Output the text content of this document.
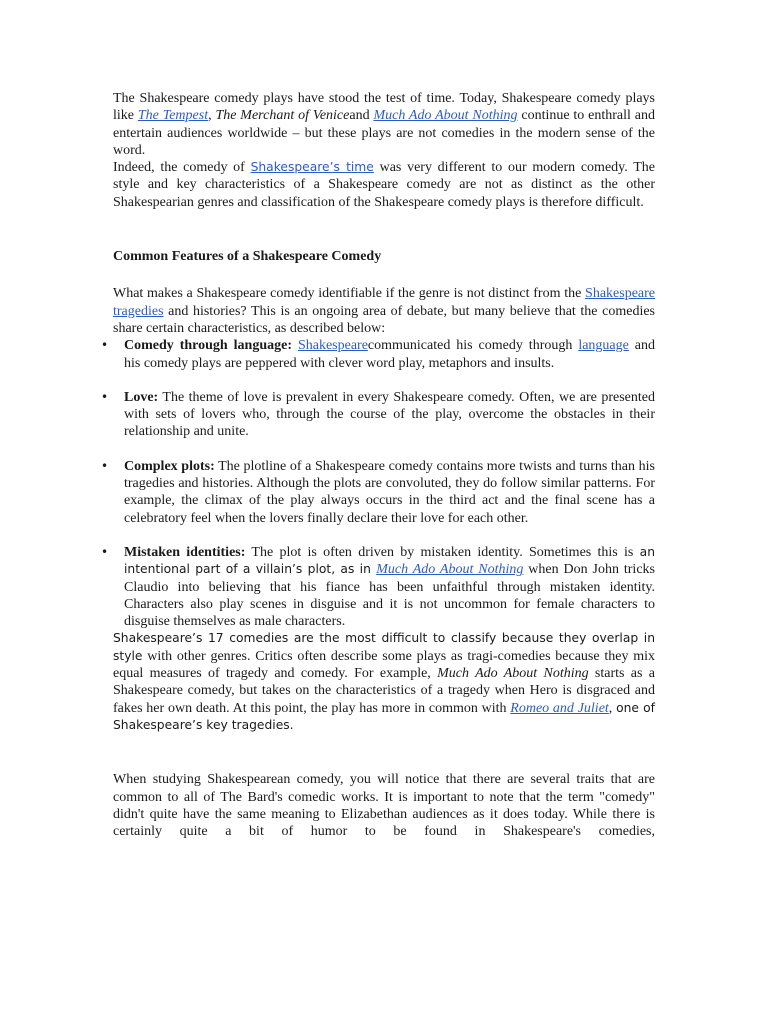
The Shakespeare comedy plays have stood the test of time. Today, Shakespeare comedy plays like The Tempest, The Merchant of Veniceand Much Ado About Nothing continue to enthrall and entertain audiences worldwide – but these plays are not comedies in the modern sense of the word.

Indeed, the comedy of Shakespeare’s time was very different to our modern comedy. The style and key characteristics of a Shakespeare comedy are not as distinct as the other Shakespearian genres and classification of the Shakespeare comedy plays is therefore difficult.

Common Features of a Shakespeare Comedy

What makes a Shakespeare comedy identifiable if the genre is not distinct from the Shakespeare tragedies and histories? This is an ongoing area of debate, but many believe that the comedies share certain characteristics, as described below:

• Comedy through language: Shakespearecommunicated his comedy through language and his comedy plays are peppered with clever word play, metaphors and insults.
• Love: The theme of love is prevalent in every Shakespeare comedy. Often, we are presented with sets of lovers who, through the course of the play, overcome the obstacles in their relationship and unite.
• Complex plots: The plotline of a Shakespeare comedy contains more twists and turns than his tragedies and histories. Although the plots are convoluted, they do follow similar patterns. For example, the climax of the play always occurs in the third act and the final scene has a celebratory feel when the lovers finally declare their love for each other.
• Mistaken identities: The plot is often driven by mistaken identity. Sometimes this is an intentional part of a villain’s plot, as in Much Ado About Nothing when Don John tricks Claudio into believing that his fiance has been unfaithful through mistaken identity. Characters also play scenes in disguise and it is not uncommon for female characters to disguise themselves as male characters.

Shakespeare’s 17 comedies are the most difficult to classify because they overlap in style with other genres. Critics often describe some plays as tragi-comedies because they mix equal measures of tragedy and comedy. For example, Much Ado About Nothing starts as a Shakespeare comedy, but takes on the characteristics of a tragedy when Hero is disgraced and fakes her own death. At this point, the play has more in common with Romeo and Juliet, one of Shakespeare’s key tragedies.

When studying Shakespearean comedy, you will notice that there are several traits that are common to all of The Bard's comedic works. It is important to note that the term "comedy" didn't quite have the same meaning to Elizabethan audiences as it does today. While there is certainly quite a bit of humor to be found in Shakespeare's comedies,
